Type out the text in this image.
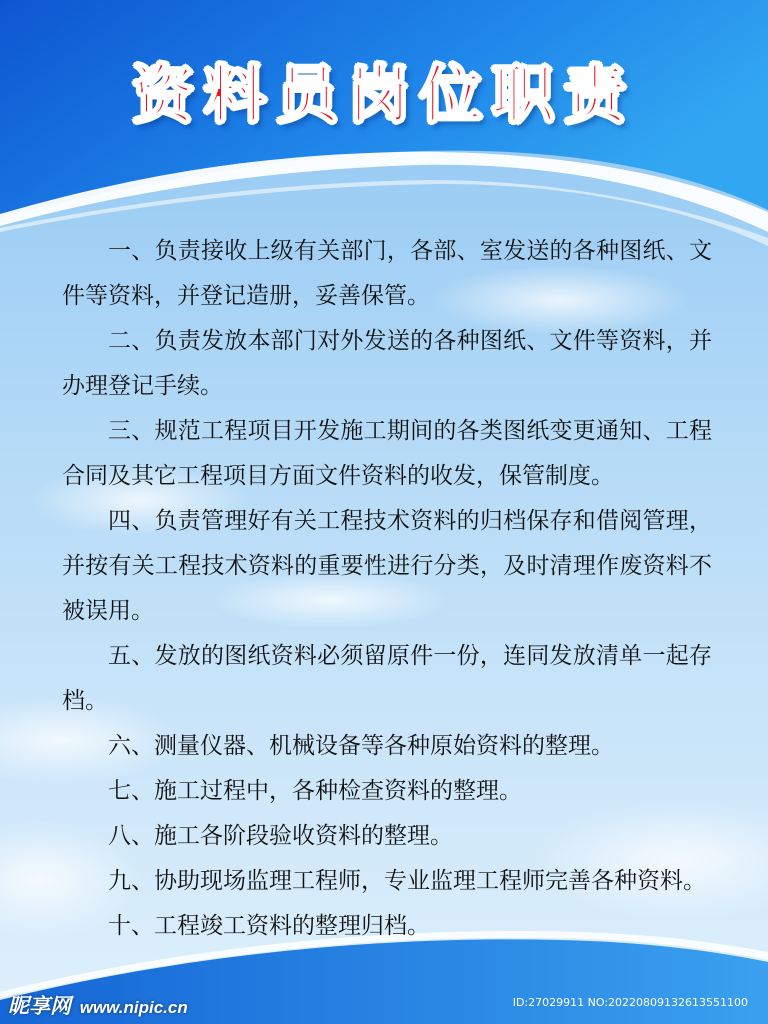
资料员岗位职责

一、负责接收上级有关部门，各部、室发送的各种图纸、文件等资料，并登记造册，妥善保管。

二、负责发放本部门对外发送的各种图纸、文件等资料，并办理登记手续。

三、规范工程项目开发施工期间的各类图纸变更通知、工程合同及其它工程项目方面文件资料的收发，保管制度。

四、负责管理好有关工程技术资料的归档保存和借阅管理，并按有关工程技术资料的重要性进行分类，及时清理作废资料不被误用。

五、发放的图纸资料必须留原件一份，连同发放清单一起存档。

六、测量仪器、机械设备等各种原始资料的整理。

七、施工过程中，各种检查资料的整理。

八、施工各阶段验收资料的整理。

九、协助现场监理工程师，专业监理工程师完善各种资料。

十、工程竣工资料的整理归档。

昵享网 www.nipic.cn	ID:27029911 NO:20220809132613551100
